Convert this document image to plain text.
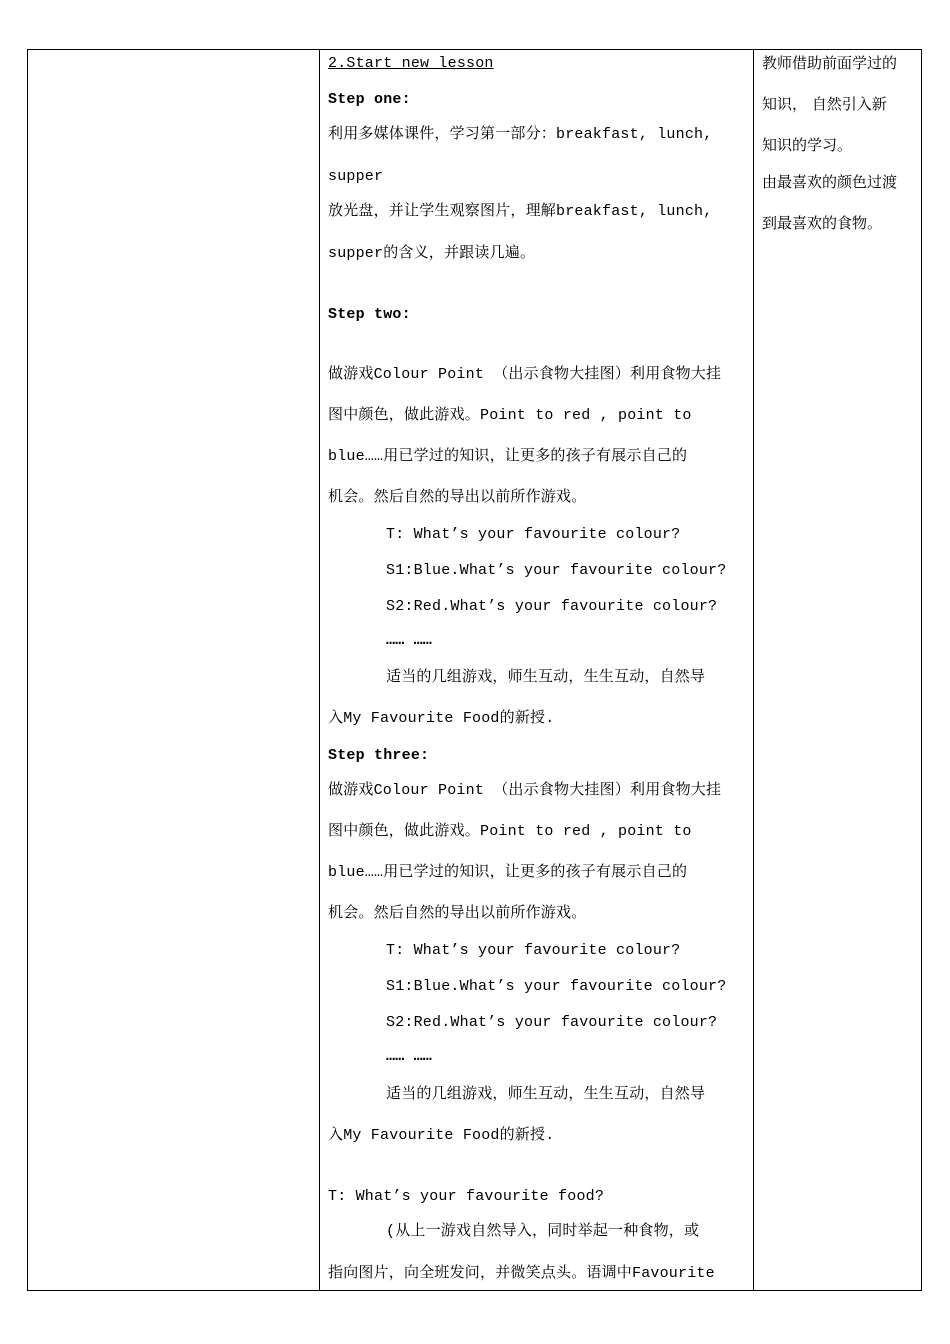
2.Start new lesson
Step one:
利用多媒体课件，学习第一部分：breakfast, lunch,
supper
放光盘，并让学生观察图片，理解breakfast, lunch,
supper的含义，并跟读几遍。
Step two:
做游戏Colour Point （出示食物大挂图）利用食物大挂
图中颜色，做此游戏。Point to red , point to
blue……用已学过的知识，让更多的孩子有展示自己的
机会。然后自然的导出以前所作游戏。
T: What’s your favourite colour?
S1:Blue.What’s your favourite colour?
S2:Red.What’s your favourite colour?
…… ……
适当的几组游戏，师生互动，生生互动，自然导
入My Favourite Food的新授.
Step three:
做游戏Colour Point （出示食物大挂图）利用食物大挂
图中颜色，做此游戏。Point to red , point to
blue……用已学过的知识，让更多的孩子有展示自己的
机会。然后自然的导出以前所作游戏。
T: What’s your favourite colour?
S1:Blue.What’s your favourite colour?
S2:Red.What’s your favourite colour?
…… ……
适当的几组游戏，师生互动，生生互动，自然导
入My Favourite Food的新授.
T: What’s your favourite food?
(从上一游戏自然导入，同时举起一种食物，或
指向图片，向全班发问，并微笑点头。语调中Favourite
教师借助前面学过的
知识， 自然引入新
知识的学习。
由最喜欢的颜色过渡
到最喜欢的食物。
